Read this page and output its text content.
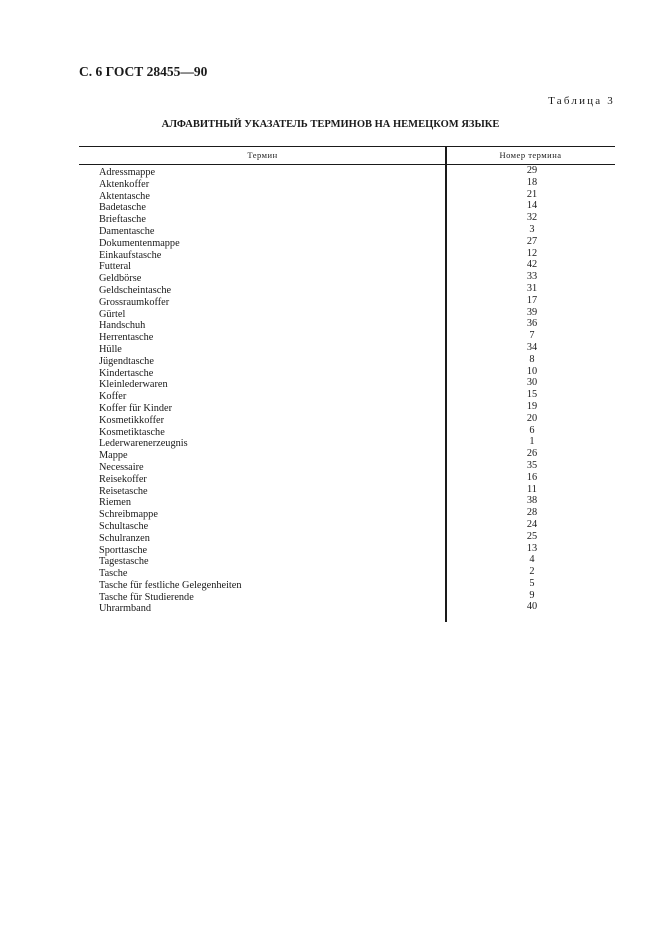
С. 6 ГОСТ 28455—90
Таблица 3
АЛФАВИТНЫЙ УКАЗАТЕЛЬ ТЕРМИНОВ НА НЕМЕЦКОМ ЯЗЫКЕ
Термин	Номер термина
Adressmappe	29
Aktenkoffer	18
Aktentasche	21
Badetasche	14
Brieftasche	32
Damentasche	3
Dokumentenmappe	27
Einkaufstasche	12
Futteral	42
Geldbörse	33
Geldscheintasche	31
Grossraumkoffer	17
Gürtel	39
Handschuh	36
Herrentasche	7
Hülle	34
Jügendtasche	8
Kindertasche	10
Kleinlederwaren	30
Koffer	15
Koffer für Kinder	19
Kosmetikkoffer	20
Kosmetiktasche	6
Lederwarenerzeugnis	1
Mappe	26
Necessaire	35
Reisekoffer	16
Reisetasche	11
Riemen	38
Schreibmappe	28
Schultasche	24
Schulranzen	25
Sporttasche	13
Tagestasche	4
Tasche	2
Tasche für festliche Gelegenheiten	5
Tasche für Studierende	9
Uhrarmband	40
